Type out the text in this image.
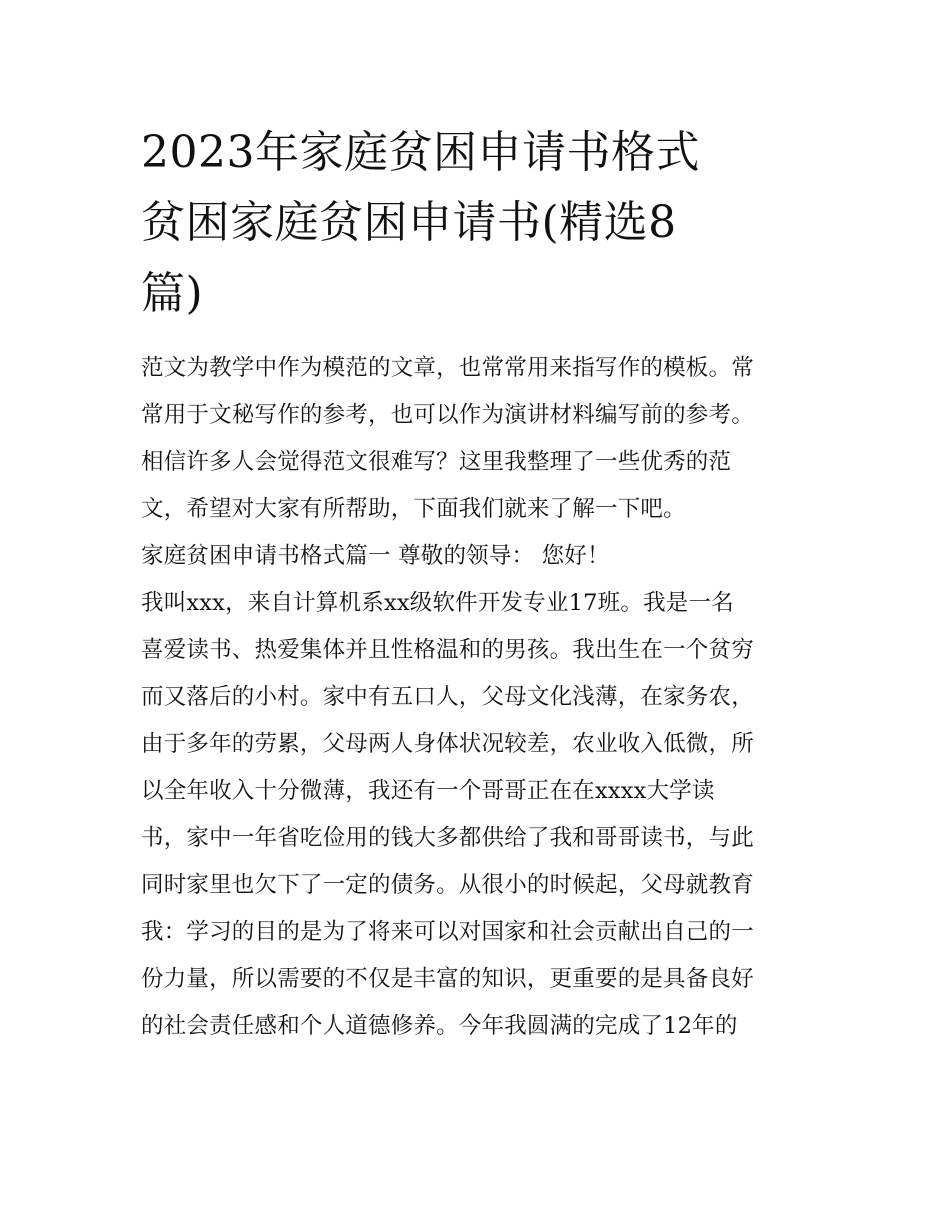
2023年家庭贫困申请书格式
贫困家庭贫困申请书(精选8
篇)
范文为教学中作为模范的文章，也常常用来指写作的模板。常
常用于文秘写作的参考，也可以作为演讲材料编写前的参考。
相信许多人会觉得范文很难写？这里我整理了一些优秀的范
文，希望对大家有所帮助，下面我们就来了解一下吧。
家庭贫困申请书格式篇一 尊敬的领导： 您好！
我叫xxx，来自计算机系xx级软件开发专业17班。我是一名
喜爱读书、热爱集体并且性格温和的男孩。我出生在一个贫穷
而又落后的小村。家中有五口人，父母文化浅薄，在家务农，
由于多年的劳累，父母两人身体状况较差，农业收入低微，所
以全年收入十分微薄，我还有一个哥哥正在在xxxx大学读
书，家中一年省吃俭用的钱大多都供给了我和哥哥读书，与此
同时家里也欠下了一定的债务。从很小的时候起，父母就教育
我：学习的目的是为了将来可以对国家和社会贡献出自己的一
份力量，所以需要的不仅是丰富的知识，更重要的是具备良好
的社会责任感和个人道德修养。今年我圆满的完成了12年的
